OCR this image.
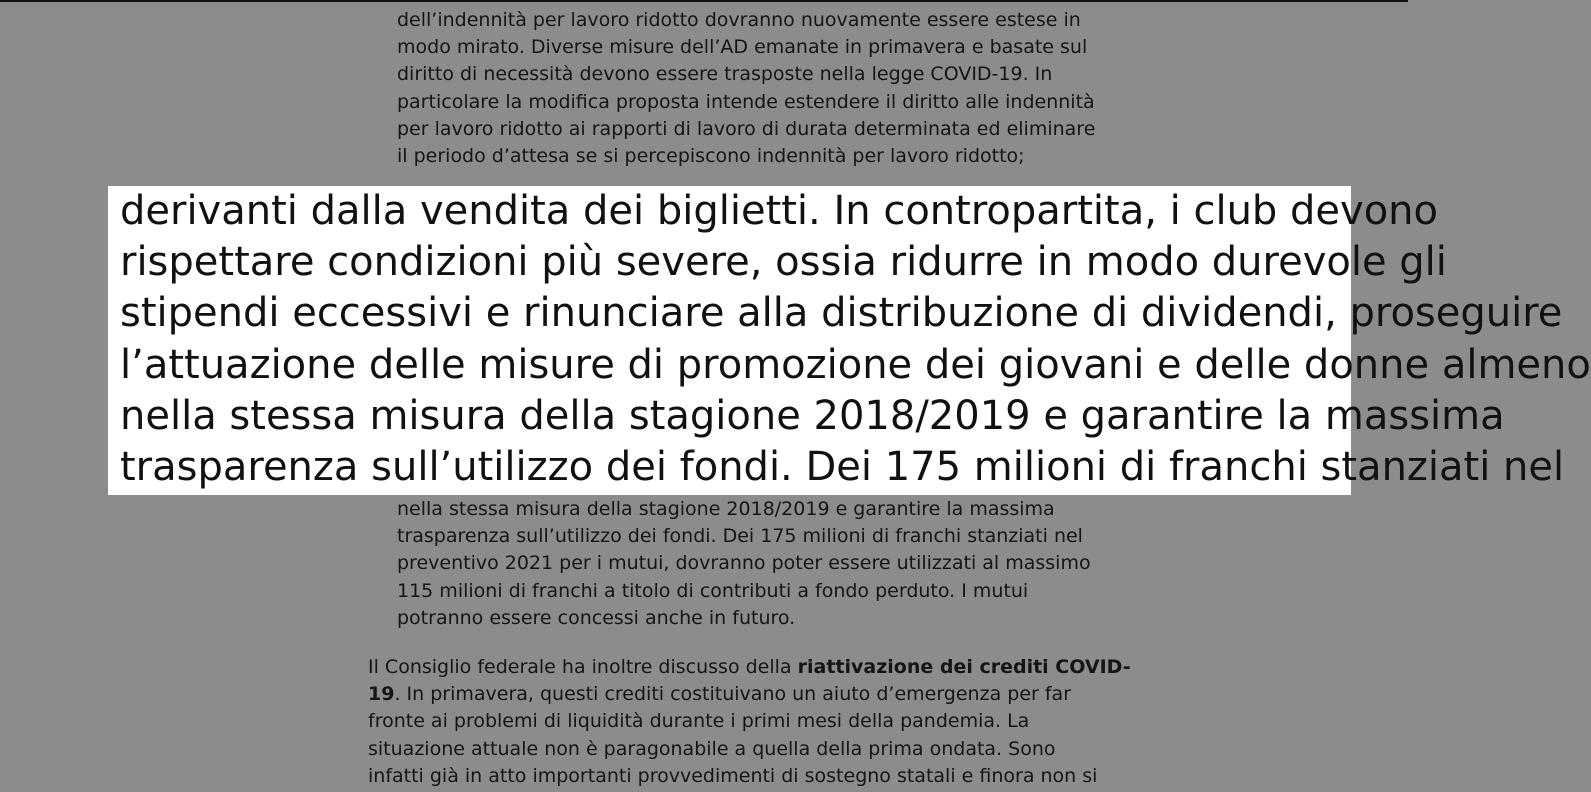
dell’indennità per lavoro ridotto dovranno nuovamente essere estese in
modo mirato. Diverse misure dell’AD emanate in primavera e basate sul
diritto di necessità devono essere trasposte nella legge COVID-19. In
particolare la modifica proposta intende estendere il diritto alle indennità
per lavoro ridotto ai rapporti di lavoro di durata determinata ed eliminare
il periodo d’attesa se si percepiscono indennità per lavoro ridotto;

nella stessa misura della stagione 2018/2019 e garantire la massima
trasparenza sull’utilizzo dei fondi. Dei 175 milioni di franchi stanziati nel
preventivo 2021 per i mutui, dovranno poter essere utilizzati al massimo
115 milioni di franchi a titolo di contributi a fondo perduto. I mutui
potranno essere concessi anche in futuro.

Il Consiglio federale ha inoltre discusso della riattivazione dei crediti COVID-
19. In primavera, questi crediti costituivano un aiuto d’emergenza per far
fronte ai problemi di liquidità durante i primi mesi della pandemia. La
situazione attuale non è paragonabile a quella della prima ondata. Sono
infatti già in atto importanti provvedimenti di sostegno statali e finora non si

derivanti dalla vendita dei biglietti. In contropartita, i club devono
rispettare condizioni più severe, ossia ridurre in modo durevole gli
stipendi eccessivi e rinunciare alla distribuzione di dividendi, proseguire
l’attuazione delle misure di promozione dei giovani e delle donne almeno
nella stessa misura della stagione 2018/2019 e garantire la massima
trasparenza sull’utilizzo dei fondi. Dei 175 milioni di franchi stanziati nel
